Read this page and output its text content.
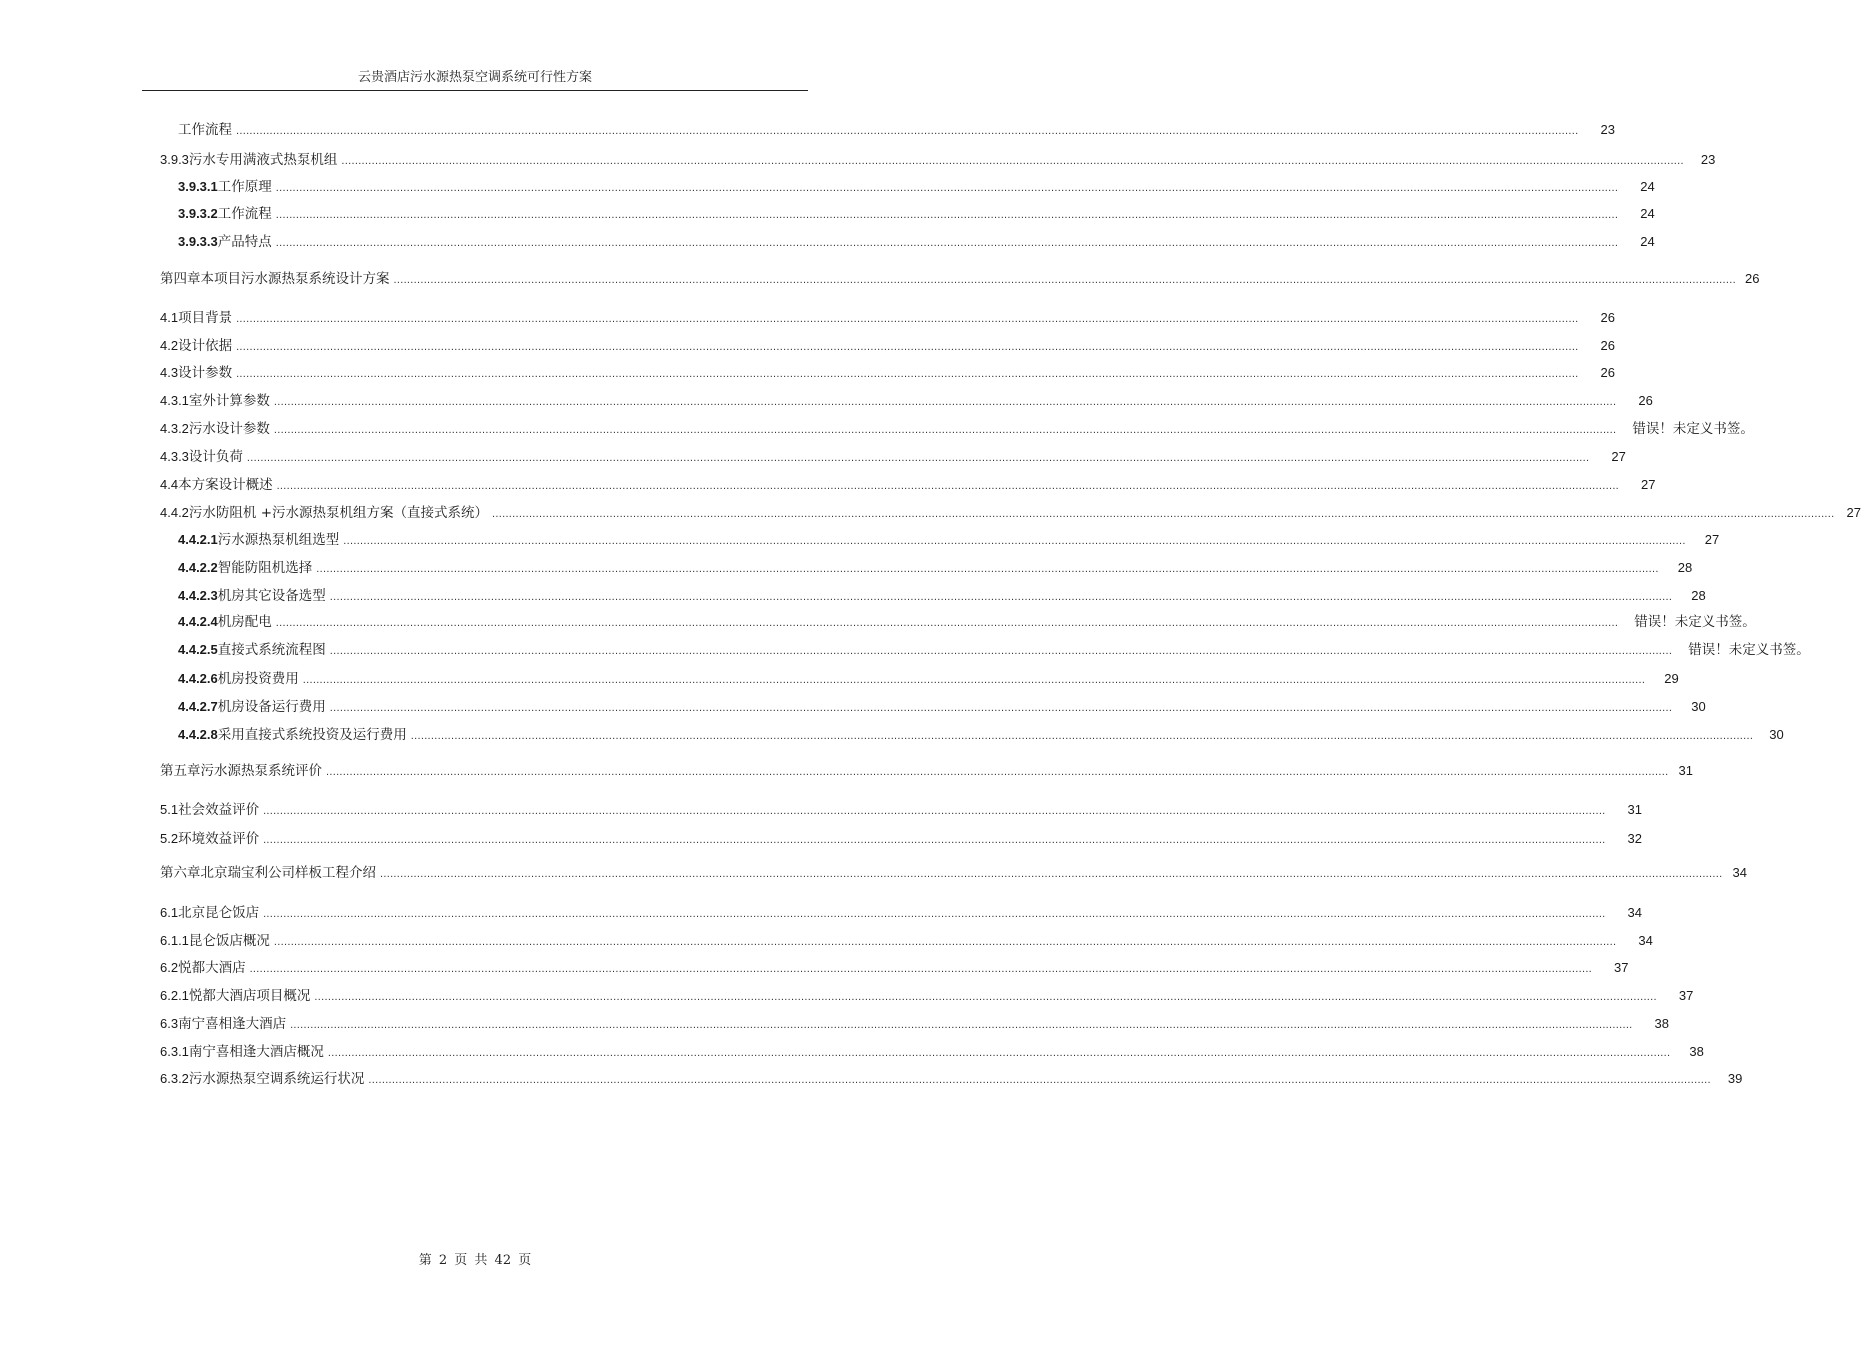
云贵酒店污水源热泵空调系统可行性方案
工作流程 ................................................................................................................................................................................................................................................................................................................................................................................................................ 23
3.9.3 污水专用满液式热泵机组 ................................................................................................................................................................................................................................................................................................................................................................................................................ 23
3.9.3.1 工作原理 ................................................................................................................................................................................................................................................................................................................................................................................................................ 24
3.9.3.2 工作流程 ................................................................................................................................................................................................................................................................................................................................................................................................................ 24
3.9.3.3 产品特点 ................................................................................................................................................................................................................................................................................................................................................................................................................ 24
第四章 本项目污水源热泵系统设计方案 ................................................................................................................................................................................................................................................................................................................................................................................................................ 26
4.1 项目背景 ................................................................................................................................................................................................................................................................................................................................................................................................................ 26
4.2 设计依据 ................................................................................................................................................................................................................................................................................................................................................................................................................ 26
4.3 设计参数 ................................................................................................................................................................................................................................................................................................................................................................................................................ 26
4.3.1 室外计算参数 ................................................................................................................................................................................................................................................................................................................................................................................................................ 26
4.3.2 污水设计参数 ................................................................................................................................................................................................................................................................................................................................................................................................................ 错误！未定义书签。
4.3.3 设计负荷 ................................................................................................................................................................................................................................................................................................................................................................................................................ 27
4.4 本方案设计概述 ................................................................................................................................................................................................................................................................................................................................................................................................................ 27
4.4.2 污水防阻机 +污水源热泵机组方案（直接式系统） ................................................................................................................................................................................................................................................................................................................................................................................................................ 27
4.4.2.1 污水源热泵机组选型 ................................................................................................................................................................................................................................................................................................................................................................................................................ 27
4.4.2.2 智能防阻机选择 ................................................................................................................................................................................................................................................................................................................................................................................................................ 28
4.4.2.3 机房其它设备选型 ................................................................................................................................................................................................................................................................................................................................................................................................................ 28
4.4.2.4 机房配电 ................................................................................................................................................................................................................................................................................................................................................................................................................ 错误！未定义书签。
4.4.2.5 直接式系统流程图 ................................................................................................................................................................................................................................................................................................................................................................................................................ 错误！未定义书签。
4.4.2.6 机房投资费用 ................................................................................................................................................................................................................................................................................................................................................................................................................ 29
4.4.2.7 机房设备运行费用 ................................................................................................................................................................................................................................................................................................................................................................................................................ 30
4.4.2.8 采用直接式系统投资及运行费用 ................................................................................................................................................................................................................................................................................................................................................................................................................ 30
第五章 污水源热泵系统评价 ................................................................................................................................................................................................................................................................................................................................................................................................................ 31
5.1 社会效益评价 ................................................................................................................................................................................................................................................................................................................................................................................................................ 31
5.2 环境效益评价 ................................................................................................................................................................................................................................................................................................................................................................................................................ 32
第六章 北京瑞宝利公司样板工程介绍 ................................................................................................................................................................................................................................................................................................................................................................................................................ 34
6.1 北京昆仑饭店 ................................................................................................................................................................................................................................................................................................................................................................................................................ 34
6.1.1 昆仑饭店概况 ................................................................................................................................................................................................................................................................................................................................................................................................................ 34
6.2 悦都大酒店 ................................................................................................................................................................................................................................................................................................................................................................................................................ 37
6.2.1 悦都大酒店项目概况 ................................................................................................................................................................................................................................................................................................................................................................................................................ 37
6.3 南宁喜相逢大酒店 ................................................................................................................................................................................................................................................................................................................................................................................................................ 38
6.3.1 南宁喜相逢大酒店概况 ................................................................................................................................................................................................................................................................................................................................................................................................................ 38
6.3.2 污水源热泵空调系统运行状况 ................................................................................................................................................................................................................................................................................................................................................................................................................ 39
第 2 页 共 42 页
